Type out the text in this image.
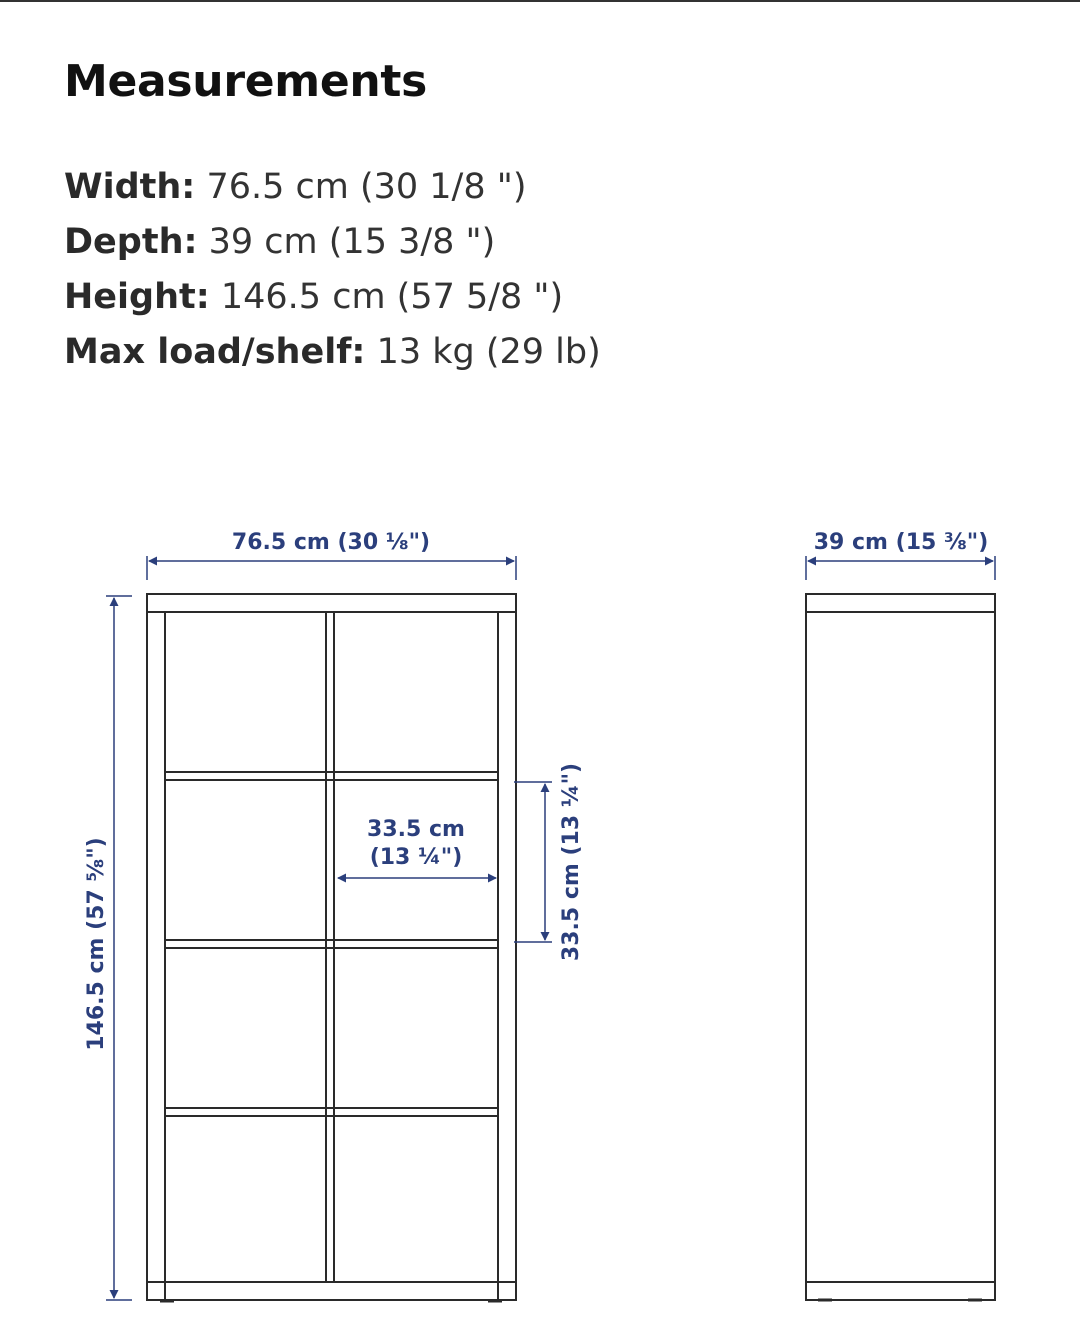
Measurements
Width: 76.5 cm (30 1/8 ")
Depth: 39 cm (15 3/8 ")
Height: 146.5 cm (57 5/8 ")
Max load/shelf: 13 kg (29 lb)
76.5 cm (30 ⅛")	39 cm (15 ⅜")
146.5 cm (57 ⅝")
33.5 cm
(13 ¼")	33.5 cm (13 ¼")
